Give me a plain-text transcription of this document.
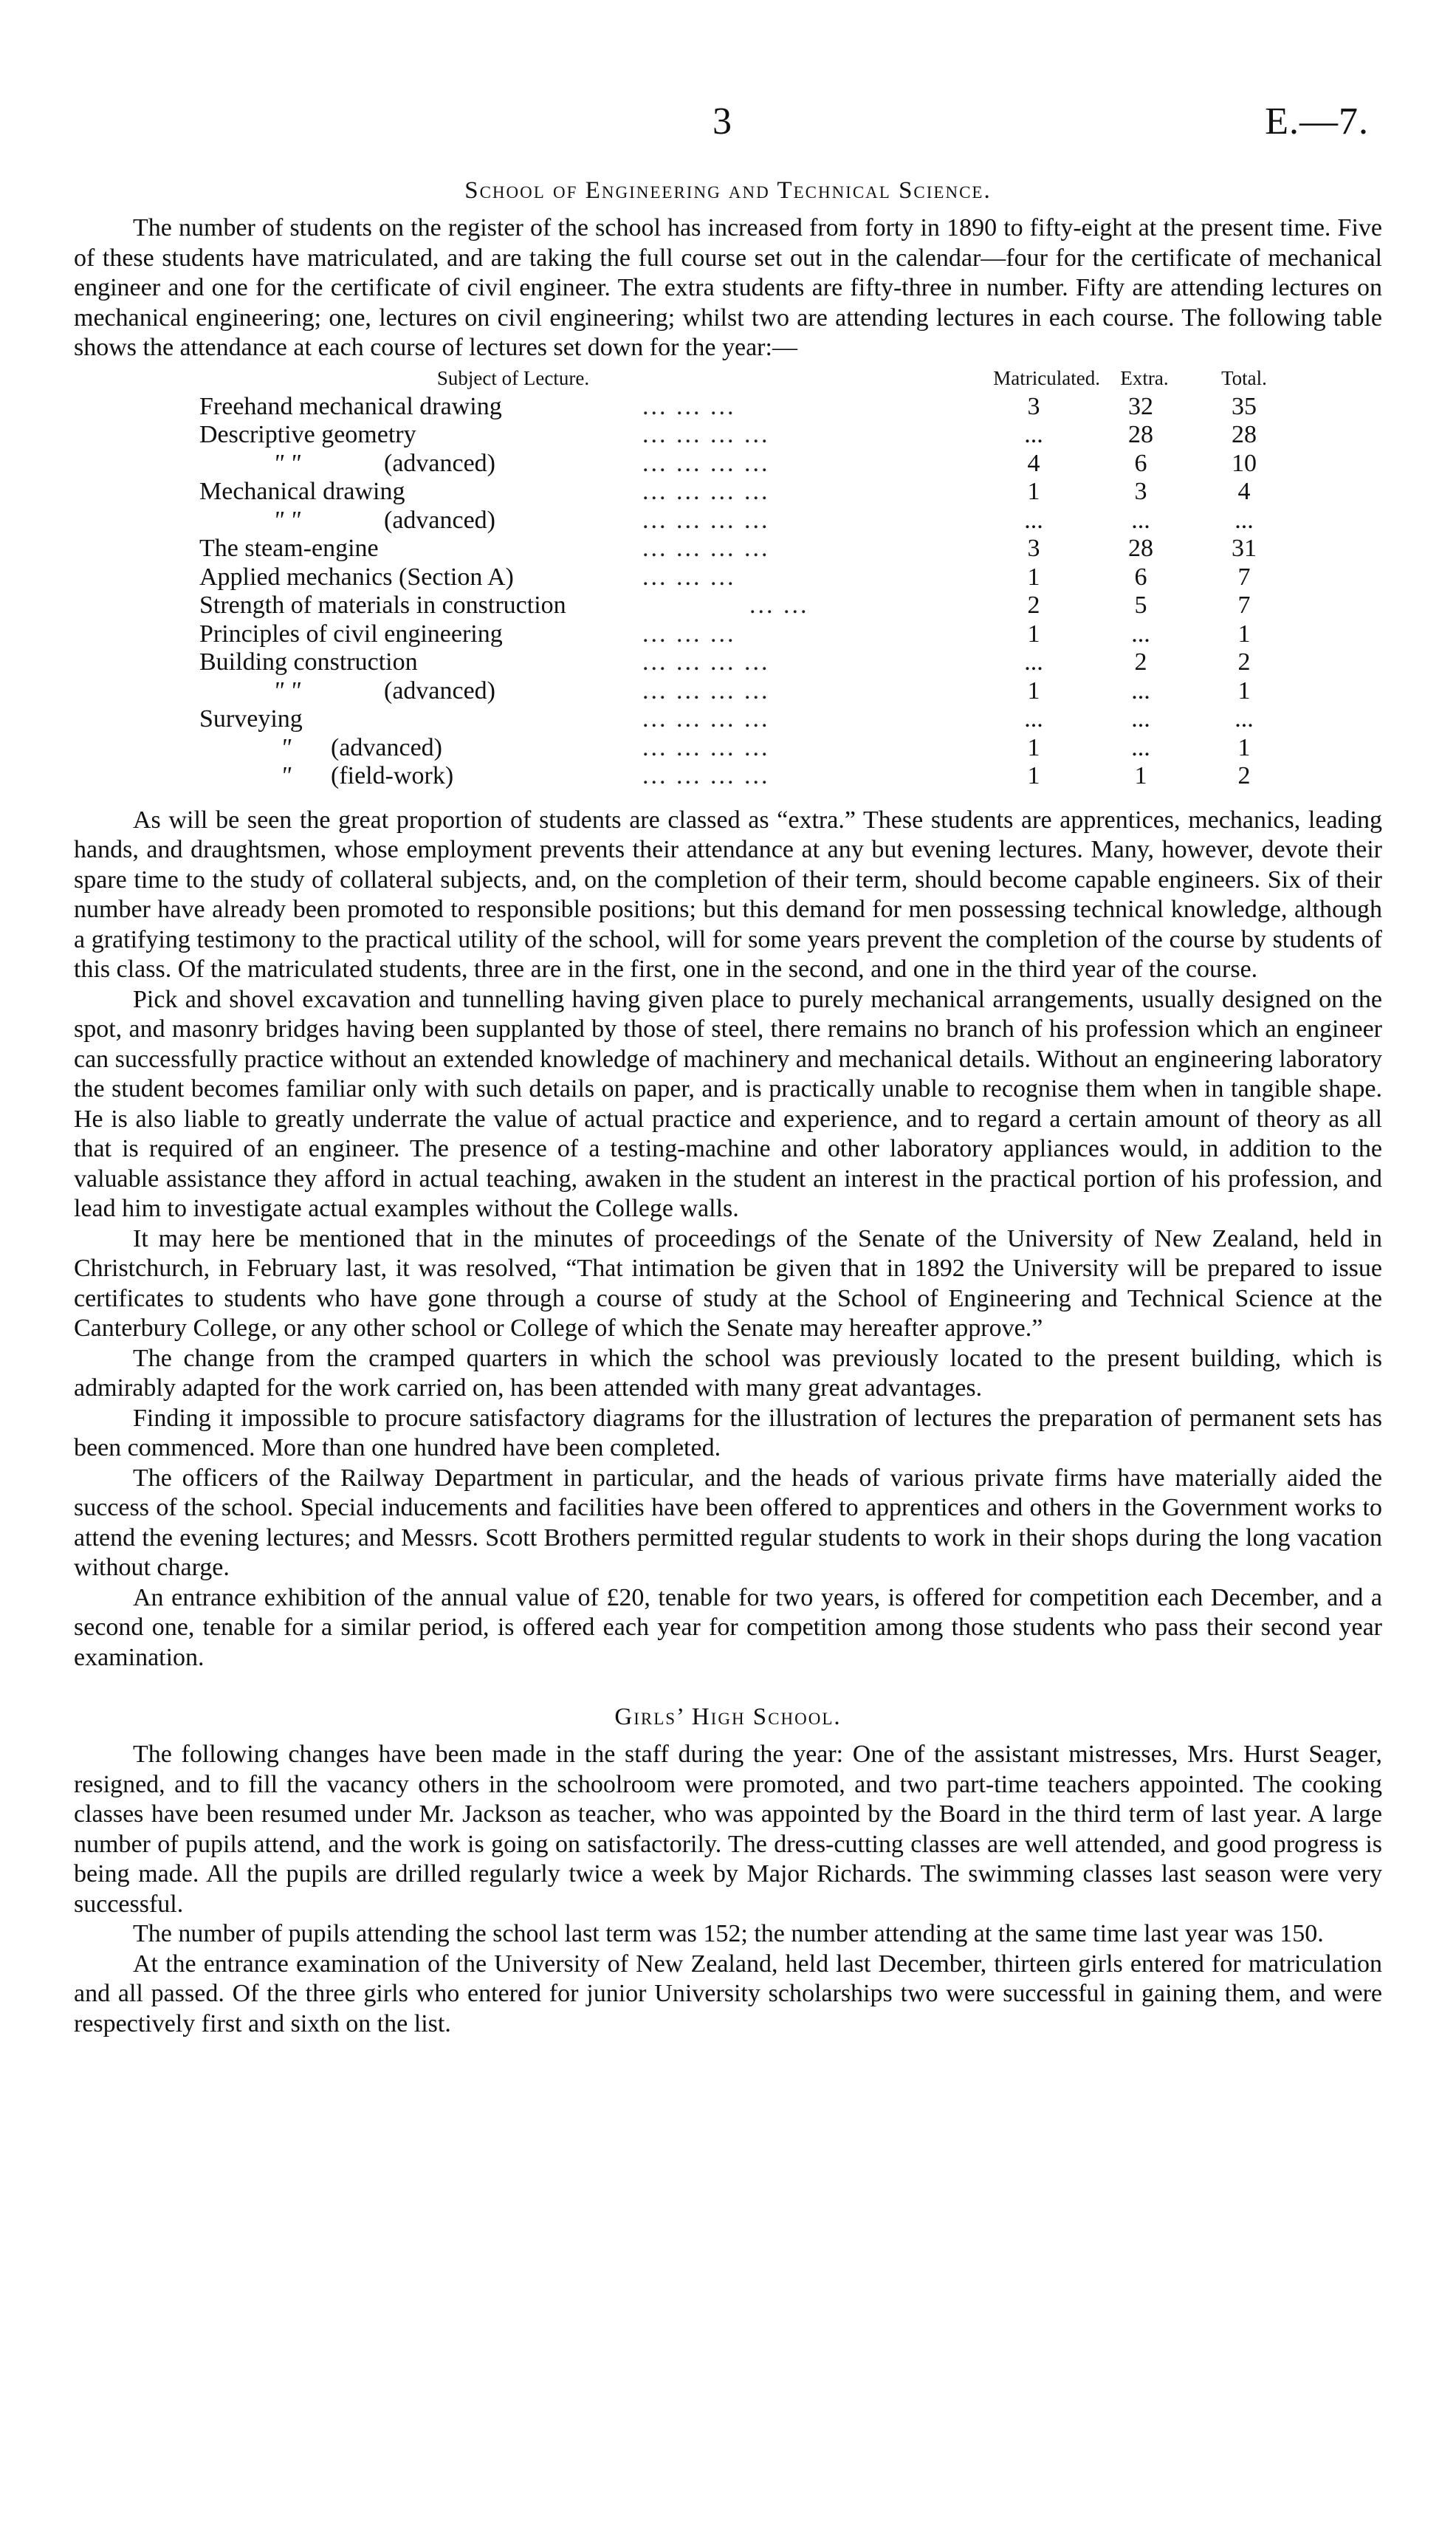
3	E.—7.
School of Engineering and Technical Science.

The number of students on the register of the school has increased from forty in 1890 to fifty-eight at the present time. Five of these students have matriculated, and are taking the full course set out in the calendar—four for the certificate of mechanical engineer and one for the certificate of civil engineer. The extra students are fifty-three in number. Fifty are attending lectures on mechanical engineering; one, lectures on civil engineering; whilst two are attending lectures in each course. The following table shows the attendance at each course of lectures set down for the year:—

Subject of Lecture.	Matriculated.	Extra.	Total.
Freehand mechanical drawing	... ... ...	3	32	35
Descriptive geometry	... ... ... ...	...	28	28
" "	(advanced)	... ... ... ...	4	6	10
Mechanical drawing	... ... ... ...	1	3	4
" "	(advanced)	... ... ... ...	...	...	...
The steam-engine	... ... ... ...	3	28	31
Applied mechanics (Section A)	... ... ...	1	6	7
Strength of materials in construction	... ...	2	5	7
Principles of civil engineering	... ... ...	1	...	1
Building construction	... ... ... ...	...	2	2
" "	(advanced)	... ... ... ...	1	...	1
Surveying	... ... ... ...	...	...	...
" (advanced)	... ... ... ...	1	...	1
" (field-work)	... ... ... ...	1	1	2

As will be seen the great proportion of students are classed as “extra.” These students are apprentices, mechanics, leading hands, and draughtsmen, whose employment prevents their attendance at any but evening lectures. Many, however, devote their spare time to the study of collateral subjects, and, on the completion of their term, should become capable engineers. Six of their number have already been promoted to responsible positions; but this demand for men possessing technical knowledge, although a gratifying testimony to the practical utility of the school, will for some years prevent the completion of the course by students of this class. Of the matriculated students, three are in the first, one in the second, and one in the third year of the course.

Pick and shovel excavation and tunnelling having given place to purely mechanical arrangements, usually designed on the spot, and masonry bridges having been supplanted by those of steel, there remains no branch of his profession which an engineer can successfully practice without an extended knowledge of machinery and mechanical details. Without an engineering laboratory the student becomes familiar only with such details on paper, and is practically unable to recognise them when in tangible shape. He is also liable to greatly underrate the value of actual practice and experience, and to regard a certain amount of theory as all that is required of an engineer. The presence of a testing-machine and other laboratory appliances would, in addition to the valuable assistance they afford in actual teaching, awaken in the student an interest in the practical portion of his profession, and lead him to investigate actual examples without the College walls.

It may here be mentioned that in the minutes of proceedings of the Senate of the University of New Zealand, held in Christchurch, in February last, it was resolved, “That intimation be given that in 1892 the University will be prepared to issue certificates to students who have gone through a course of study at the School of Engineering and Technical Science at the Canterbury College, or any other school or College of which the Senate may hereafter approve.”

The change from the cramped quarters in which the school was previously located to the present building, which is admirably adapted for the work carried on, has been attended with many great advantages.

Finding it impossible to procure satisfactory diagrams for the illustration of lectures the preparation of permanent sets has been commenced. More than one hundred have been completed.

The officers of the Railway Department in particular, and the heads of various private firms have materially aided the success of the school. Special inducements and facilities have been offered to apprentices and others in the Government works to attend the evening lectures; and Messrs. Scott Brothers permitted regular students to work in their shops during the long vacation without charge.

An entrance exhibition of the annual value of £20, tenable for two years, is offered for competition each December, and a second one, tenable for a similar period, is offered each year for competition among those students who pass their second year examination.

Girls’ High School.

The following changes have been made in the staff during the year: One of the assistant mistresses, Mrs. Hurst Seager, resigned, and to fill the vacancy others in the schoolroom were promoted, and two part-time teachers appointed. The cooking classes have been resumed under Mr. Jackson as teacher, who was appointed by the Board in the third term of last year. A large number of pupils attend, and the work is going on satisfactorily. The dress-cutting classes are well attended, and good progress is being made. All the pupils are drilled regularly twice a week by Major Richards. The swimming classes last season were very successful.

The number of pupils attending the school last term was 152; the number attending at the same time last year was 150.

At the entrance examination of the University of New Zealand, held last December, thirteen girls entered for matriculation and all passed. Of the three girls who entered for junior University scholarships two were successful in gaining them, and were respectively first and sixth on the list.
